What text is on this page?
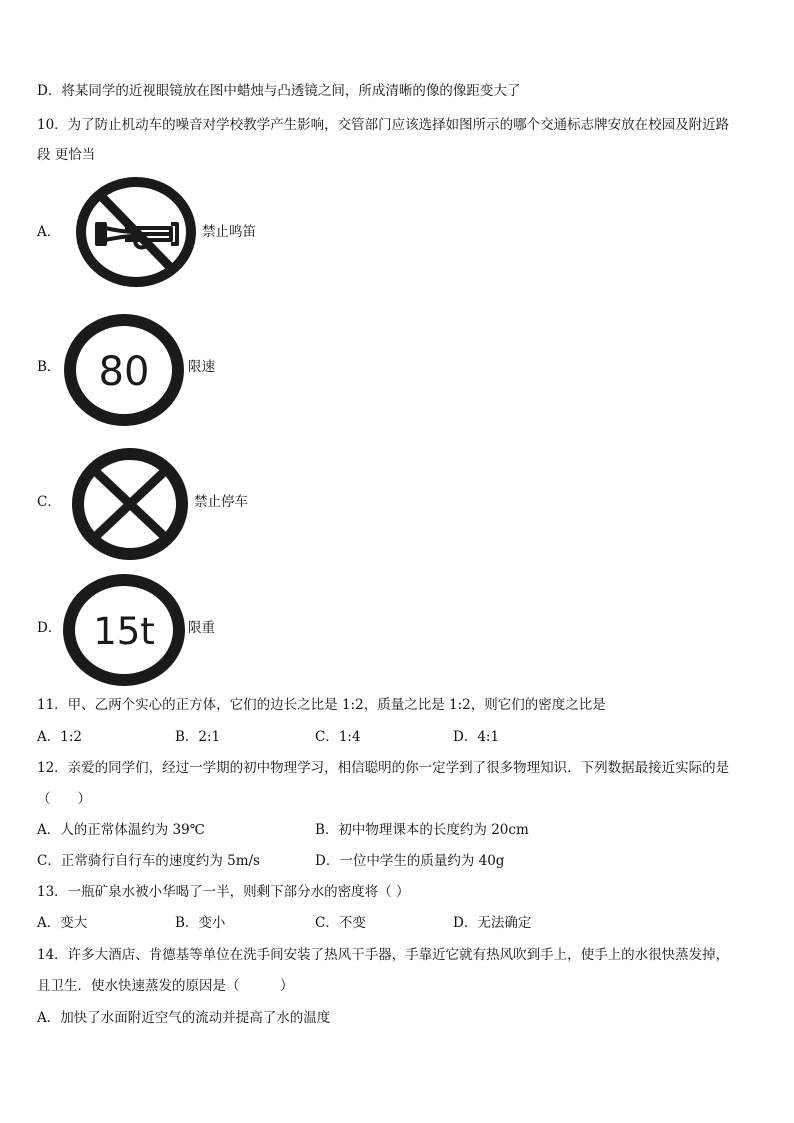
D．将某同学的近视眼镜放在图中蜡烛与凸透镜之间，所成清晰的像的像距变大了
10．为了防止机动车的噪音对学校教学产生影响，交管部门应该选择如图所示的哪个交通标志牌安放在校园及附近路
段 更恰当
A．	禁止鸣笛
B． 80	限速
C．	禁止停车
D． 15t 限重
11．甲、乙两个实心的正方体，它们的边长之比是 1:2，质量之比是 1:2，则它们的密度之比是
A．1:2	B．2:1	C．1:4	D．4:1
12．亲爱的同学们，经过一学期的初中物理学习，相信聪明的你一定学到了很多物理知识．下列数据最接近实际的是
（　　）
A．人的正常体温约为 39℃	B．初中物理课本的长度约为 20cm
C．正常骑行自行车的速度约为 5m/s	D．一位中学生的质量约为 40g
13．一瓶矿泉水被小华喝了一半，则剩下部分水的密度将（ ）
A．变大	B．变小	C．不变	D．无法确定
14．许多大酒店、肯德基等单位在洗手间安装了热风干手器，手靠近它就有热风吹到手上，使手上的水很快蒸发掉，
且卫生．使水快速蒸发的原因是（　　　）
A．加快了水面附近空气的流动并提高了水的温度
